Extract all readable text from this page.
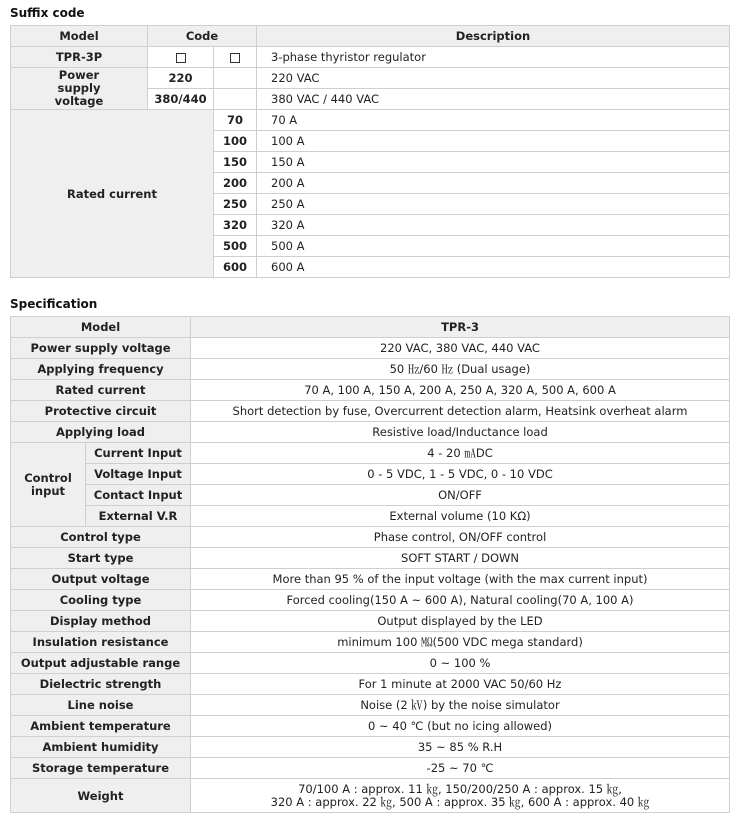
Suffix code
Model	Code		Description
TPR-3P			3-phase thyristor regulator
Power supply voltage	220		220 VAC
	380/440		380 VAC / 440 VAC
Rated current		70	70 A
		100	100 A
		150	150 A
		200	200 A
		250	250 A
		320	320 A
		500	500 A
		600	600 A
Specification
Model		TPR-3
Power supply voltage		220 VAC, 380 VAC, 440 VAC
Applying frequency		50 ㎐/60 ㎐ (Dual usage)
Rated current		70 A, 100 A, 150 A, 200 A, 250 A, 320 A, 500 A, 600 A
Protective circuit		Short detection by fuse, Overcurrent detection alarm, Heatsink overheat alarm
Applying load		Resistive load/Inductance load
Control input	Current Input	4 - 20 ㎃DC
	Voltage Input	0 - 5 VDC, 1 - 5 VDC, 0 - 10 VDC
	Contact Input	ON/OFF
	External V.R	External volume (10 KΩ)
Control type		Phase control, ON/OFF control
Start type		SOFT START / DOWN
Output voltage		More than 95 % of the input voltage (with the max current input)
Cooling type		Forced cooling(150 A ~ 600 A), Natural cooling(70 A, 100 A)
Display method		Output displayed by the LED
Insulation resistance		minimum 100 ㏁(500 VDC mega standard)
Output adjustable range		0 ~ 100 %
Dielectric strength		For 1 minute at 2000 VAC 50/60 Hz
Line noise		Noise (2 ㎸) by the noise simulator
Ambient temperature		0 ~ 40 ℃ (but no icing allowed)
Ambient humidity		35 ~ 85 % R.H
Storage temperature		-25 ~ 70 ℃
Weight		70/100 A : approx. 11 ㎏, 150/200/250 A : approx. 15 ㎏,
320 A : approx. 22 ㎏, 500 A : approx. 35 ㎏, 600 A : approx. 40 ㎏
